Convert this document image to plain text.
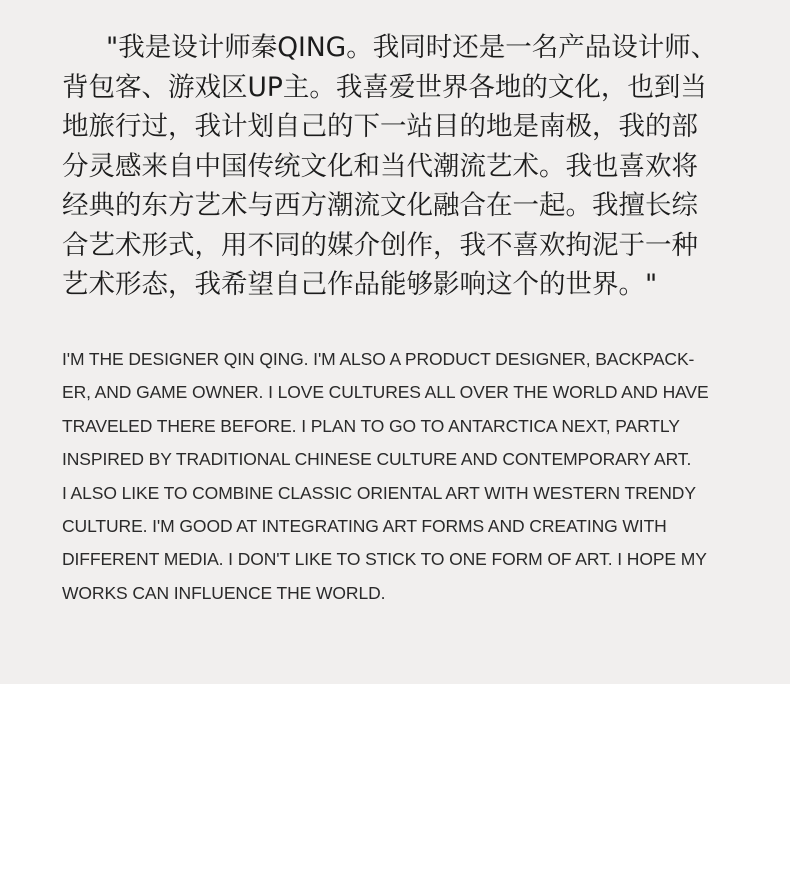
"我是设计师秦QING。我同时还是一名产品设计师、
背包客、游戏区UP主。我喜爱世界各地的文化，也到当
地旅行过，我计划自己的下一站目的地是南极，我的部
分灵感来自中国传统文化和当代潮流艺术。我也喜欢将
经典的东方艺术与西方潮流文化融合在一起。我擅长综
合艺术形式，用不同的媒介创作，我不喜欢拘泥于一种
艺术形态，我希望自己作品能够影响这个的世界。"
I'M THE DESIGNER QIN QING. I'M ALSO A PRODUCT DESIGNER, BACKPACK-
ER, AND GAME OWNER. I LOVE CULTURES ALL OVER THE WORLD AND HAVE
TRAVELED THERE BEFORE. I PLAN TO GO TO ANTARCTICA NEXT, PARTLY
INSPIRED BY TRADITIONAL CHINESE CULTURE AND CONTEMPORARY ART.
I ALSO LIKE TO COMBINE CLASSIC ORIENTAL ART WITH WESTERN TRENDY
CULTURE. I'M GOOD AT INTEGRATING ART FORMS AND CREATING WITH
DIFFERENT MEDIA. I DON'T LIKE TO STICK TO ONE FORM OF ART. I HOPE MY
WORKS CAN INFLUENCE THE WORLD.
